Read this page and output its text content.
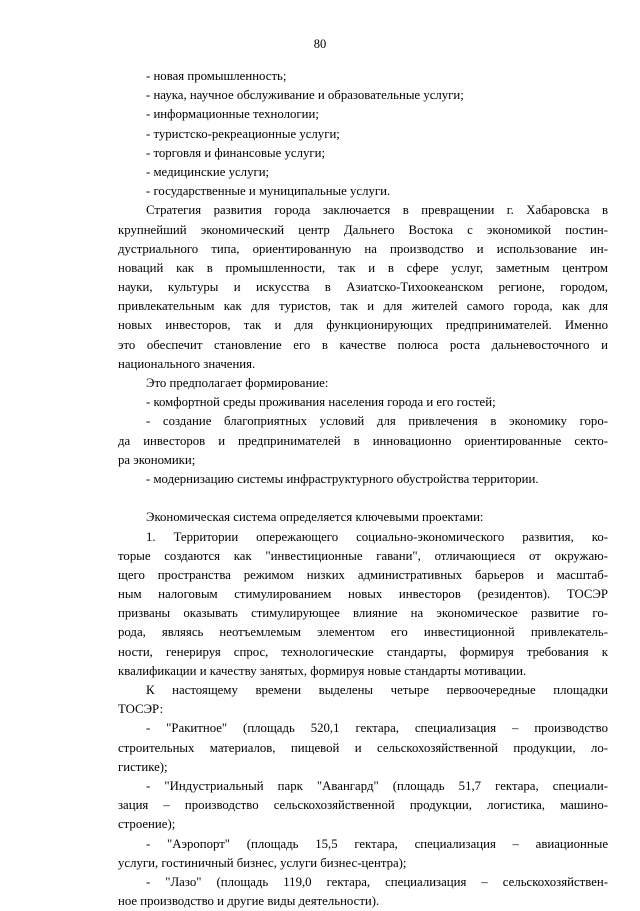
80
- новая промышленность;
- наука, научное обслуживание и образовательные услуги;
- информационные технологии;
- туристско-рекреационные услуги;
- торговля и финансовые услуги;
- медицинские услуги;
- государственные и муниципальные услуги.
Стратегия развития города заключается в превращении г. Хабаровска в
крупнейший экономический центр Дальнего Востока с экономикой постин-
дустриального типа, ориентированную на производство и использование ин-
новаций как в промышленности, так и в сфере услуг, заметным центром
науки, культуры и искусства в Азиатско-Тихоокеанском регионе, городом,
привлекательным как для туристов, так и для жителей самого города, как для
новых инвесторов, так и для функционирующих предпринимателей. Именно
это обеспечит становление его в качестве полюса роста дальневосточного и
национального значения.
Это предполагает формирование:
- комфортной среды проживания населения города и его гостей;
- создание благоприятных условий для привлечения в экономику горо-
да инвесторов и предпринимателей в инновационно ориентированные секто-
ра экономики;
- модернизацию системы инфраструктурного обустройства территории.
Экономическая система определяется ключевыми проектами:
1. Территории опережающего социально-экономического развития, ко-
торые создаются как "инвестиционные гавани", отличающиеся от окружаю-
щего пространства режимом низких административных барьеров и масштаб-
ным налоговым стимулированием новых инвесторов (резидентов). ТОСЭР
призваны оказывать стимулирующее влияние на экономическое развитие го-
рода, являясь неотъемлемым элементом его инвестиционной привлекатель-
ности, генерируя спрос, технологические стандарты, формируя требования к
квалификации и качеству занятых, формируя новые стандарты мотивации.
К настоящему времени выделены четыре первоочередные площадки
ТОСЭР:
- "Ракитное" (площадь 520,1 гектара, специализация – производство
строительных материалов, пищевой и сельскохозяйственной продукции, ло-
гистике);
- "Индустриальный парк "Авангард" (площадь 51,7 гектара, специали-
зация – производство сельскохозяйственной продукции, логистика, машино-
строение);
- "Аэропорт" (площадь 15,5 гектара, специализация – авиационные
услуги, гостиничный бизнес, услуги бизнес-центра);
- "Лазо" (площадь 119,0 гектара, специализация – сельскохозяйствен-
ное производство и другие виды деятельности).
